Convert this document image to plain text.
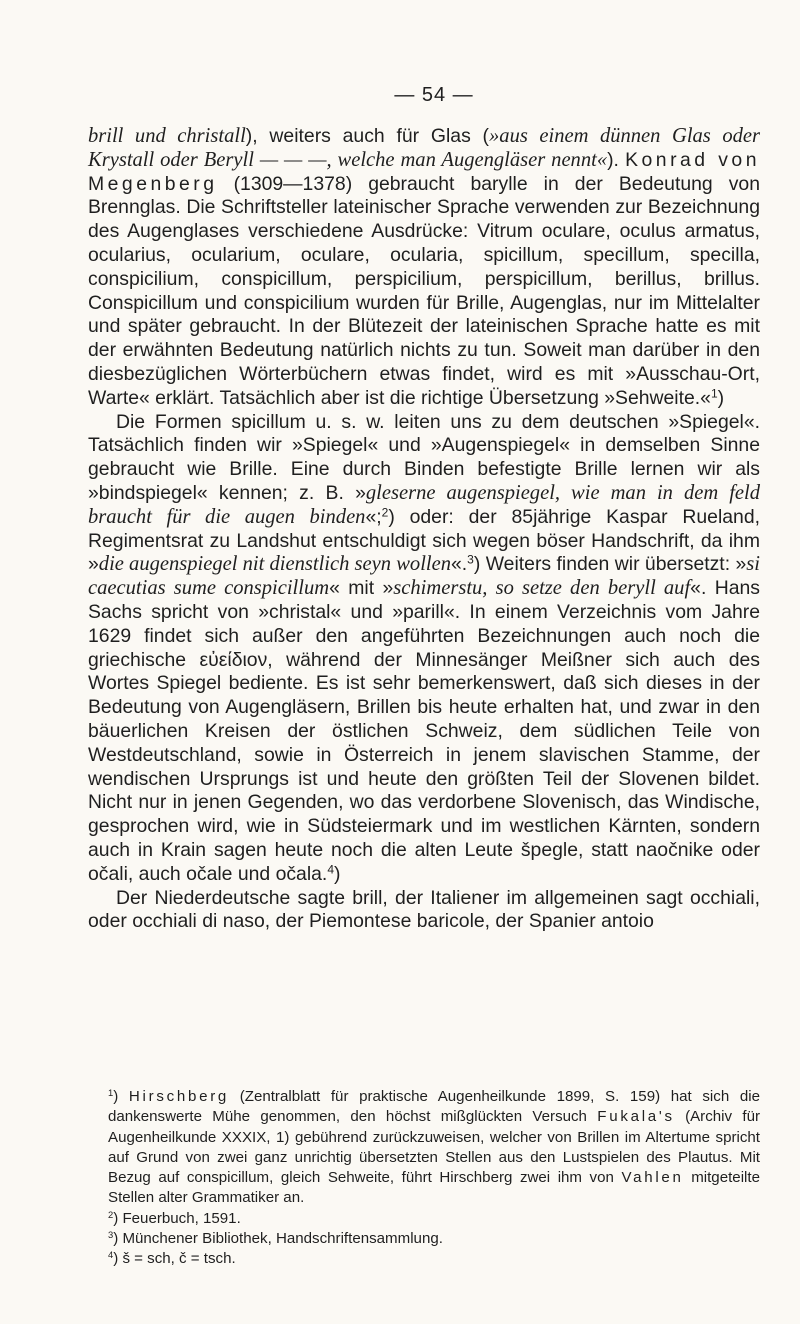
— 54 —

brill und christall), weiters auch für Glas (»aus einem dünnen Glas oder Krystall oder Beryll — — —, welche man Augengläser nennt«). Konrad von Megenberg (1309—1378) gebraucht barylle in der Bedeutung von Brennglas. Die Schriftsteller lateinischer Sprache verwenden zur Bezeichnung des Augenglases verschiedene Ausdrücke: Vitrum oculare, oculus armatus, ocularius, ocularium, oculare, ocularia, spicillum, specillum, specilla, conspicilium, conspicillum, perspicilium, perspicillum, berillus, brillus. Conspicillum und conspicilium wurden für Brille, Augenglas, nur im Mittelalter und später gebraucht. In der Blütezeit der lateinischen Sprache hatte es mit der erwähnten Bedeutung natürlich nichts zu tun. Soweit man darüber in den diesbezüglichen Wörterbüchern etwas findet, wird es mit »Ausschau-Ort, Warte« erklärt. Tatsächlich aber ist die richtige Übersetzung »Sehweite.«$^1$)

Die Formen spicillum u. s. w. leiten uns zu dem deutschen »Spiegel«. Tatsächlich finden wir »Spiegel« und »Augenspiegel« in demselben Sinne gebraucht wie Brille. Eine durch Binden befestigte Brille lernen wir als »bindspiegel« kennen; z. B. »gleserne augenspiegel, wie man in dem feld braucht für die augen binden«;$^2$) oder: der 85jährige Kaspar Rueland, Regimentsrat zu Landshut entschuldigt sich wegen böser Handschrift, da ihm »die augenspiegel nit dienstlich seyn wollen«.$^3$) Weiters finden wir übersetzt: »si caecutias sume conspicillum« mit »schimerstu, so setze den beryll auf«. Hans Sachs spricht von »christal« und »parill«. In einem Verzeichnis vom Jahre 1629 findet sich außer den angeführten Bezeichnungen auch noch die griechische εὐείδιον, während der Minnesänger Meißner sich auch des Wortes Spiegel bediente. Es ist sehr bemerkenswert, daß sich dieses in der Bedeutung von Augengläsern, Brillen bis heute erhalten hat, und zwar in den bäuerlichen Kreisen der östlichen Schweiz, dem südlichen Teile von Westdeutschland, sowie in Österreich in jenem slavischen Stamme, der wendischen Ursprungs ist und heute den größten Teil der Slovenen bildet. Nicht nur in jenen Gegenden, wo das verdorbene Slovenisch, das Windische, gesprochen wird, wie in Südsteiermark und im westlichen Kärnten, sondern auch in Krain sagen heute noch die alten Leute špegle, statt naočnike oder očali, auch očale und očala.$^4$)

Der Niederdeutsche sagte brill, der Italiener im allgemeinen sagt occhiali, oder occhiali di naso, der Piemontese baricole, der Spanier antoio

$^1$) Hirschberg (Zentralblatt für praktische Augenheilkunde 1899, S. 159) hat sich die dankenswerte Mühe genommen, den höchst mißglückten Versuch Fukala's (Archiv für Augenheilkunde XXXIX, 1) gebührend zurückzuweisen, welcher von Brillen im Altertume spricht auf Grund von zwei ganz unrichtig übersetzten Stellen aus den Lustspielen des Plautus. Mit Bezug auf conspicillum, gleich Sehweite, führt Hirschberg zwei ihm von Vahlen mitgeteilte Stellen alter Grammatiker an.

$^2$) Feuerbuch, 1591.

$^3$) Münchener Bibliothek, Handschriftensammlung.

$^4$) š = sch, č = tsch.
